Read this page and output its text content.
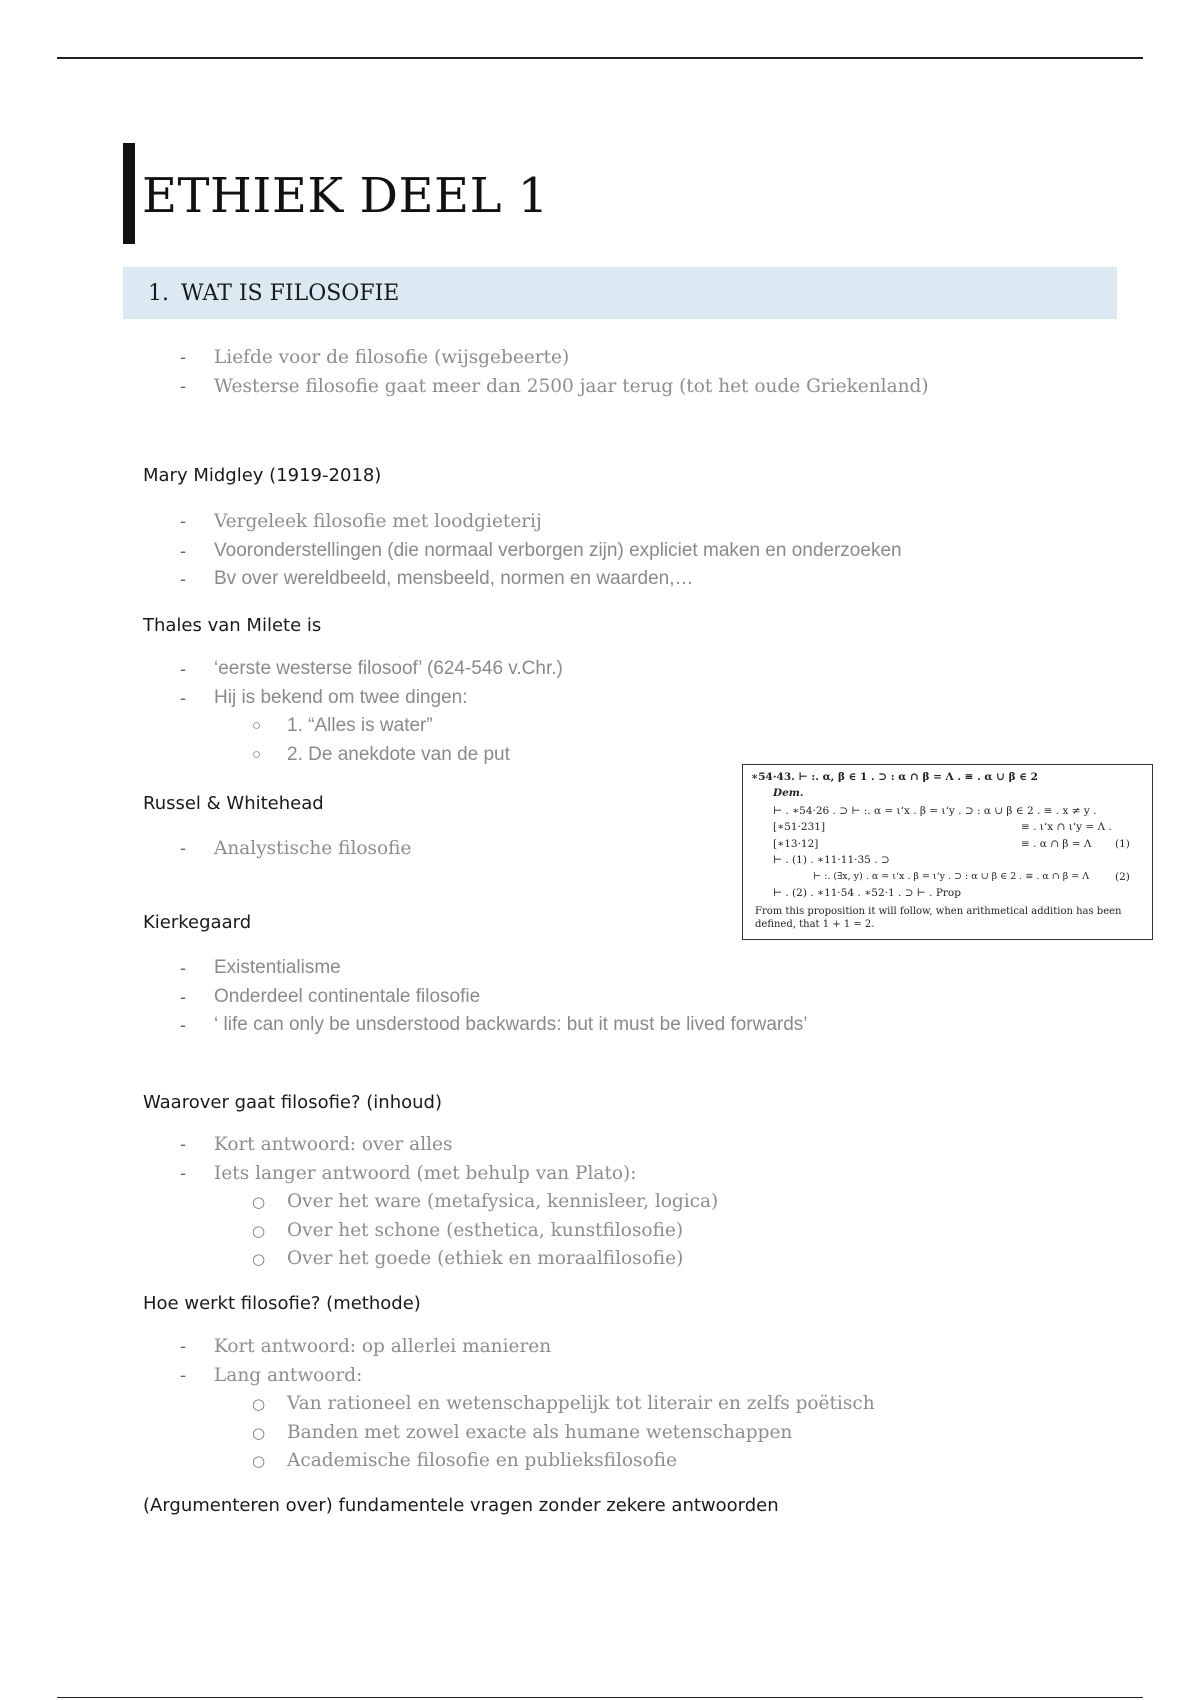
ETHIEK DEEL 1
1. WAT IS FILOSOFIE
- Liefde voor de filosofie (wijsgebeerte)
- Westerse filosofie gaat meer dan 2500 jaar terug (tot het oude Griekenland)
Mary Midgley (1919-2018)
- Vergeleek filosofie met loodgieterij
- Vooronderstellingen (die normaal verborgen zijn) expliciet maken en onderzoeken
- Bv over wereldbeeld, mensbeeld, normen en waarden,…
Thales van Milete is
- ‘eerste westerse filosoof’ (624-546 v.Chr.)
- Hij is bekend om twee dingen:
○ 1. “Alles is water”
○ 2. De anekdote van de put
Russel & Whitehead
- Analystische filosofie
∗54·43. ⊢ :. α, β ∈ 1 . ⊃ : α ∩ β = Λ . ≡ . α ∪ β ∈ 2
Dem.
⊢ . ∗54·26 . ⊃ ⊢ :. α = ι‘x . β = ι‘y . ⊃ : α ∪ β ∈ 2 . ≡ . x ≠ y .
[∗51·231]	≡ . ι‘x ∩ ι‘y = Λ .
[∗13·12]	≡ . α ∩ β = Λ (1)
⊢ . (1) . ∗11·11·35 . ⊃
⊢ :. (∃x, y) . α = ι‘x . β = ι‘y . ⊃ : α ∪ β ∈ 2 . ≡ . α ∩ β = Λ (2)
⊢ . (2) . ∗11·54 . ∗52·1 . ⊃ ⊢ . Prop
From this proposition it will follow, when arithmetical addition has been defined, that 1 + 1 = 2.
Kierkegaard
- Existentialisme
- Onderdeel continentale filosofie
- ‘ life can only be unsderstood backwards: but it must be lived forwards’
Waarover gaat filosofie? (inhoud)
- Kort antwoord: over alles
- Iets langer antwoord (met behulp van Plato):
○ Over het ware (metafysica, kennisleer, logica)
○ Over het schone (esthetica, kunstfilosofie)
○ Over het goede (ethiek en moraalfilosofie)
Hoe werkt filosofie? (methode)
- Kort antwoord: op allerlei manieren
- Lang antwoord:
○ Van rationeel en wetenschappelijk tot literair en zelfs poëtisch
○ Banden met zowel exacte als humane wetenschappen
○ Academische filosofie en publieksfilosofie
(Argumenteren over) fundamentele vragen zonder zekere antwoorden
